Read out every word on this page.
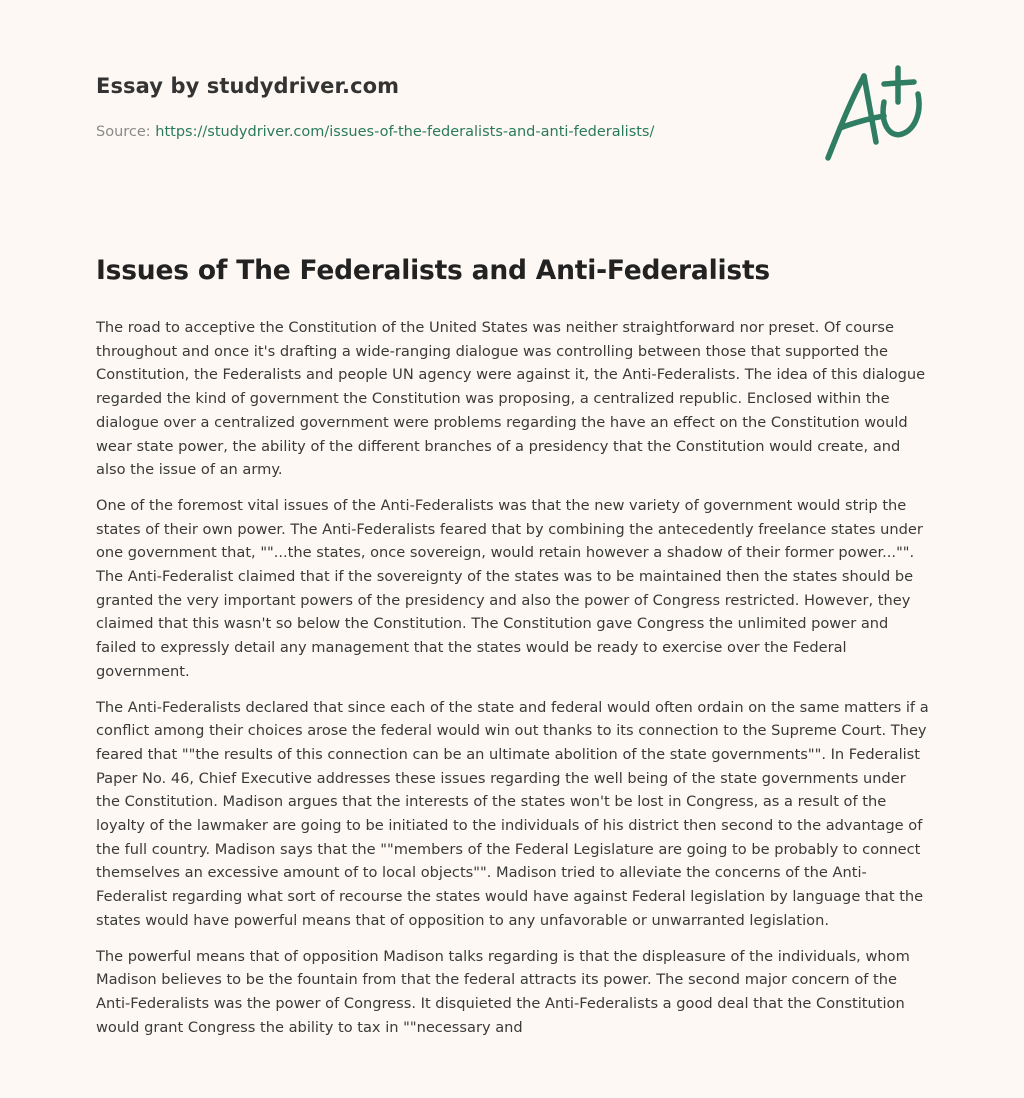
Essay by studydriver.com
Source: https://studydriver.com/issues-of-the-federalists-and-anti-federalists/
Issues of The Federalists and Anti-Federalists

The road to acceptive the Constitution of the United States was neither straightforward nor preset. Of course throughout and once it's drafting a wide-ranging dialogue was controlling between those that supported the Constitution, the Federalists and people UN agency were against it, the Anti-Federalists. The idea of this dialogue regarded the kind of government the Constitution was proposing, a centralized republic. Enclosed within the dialogue over a centralized government were problems regarding the have an effect on the Constitution would wear state power, the ability of the different branches of a presidency that the Constitution would create, and also the issue of an army.

One of the foremost vital issues of the Anti-Federalists was that the new variety of government would strip the states of their own power. The Anti-Federalists feared that by combining the antecedently freelance states under one government that, ""...the states, once sovereign, would retain however a shadow of their former power..."". The Anti-Federalist claimed that if the sovereignty of the states was to be maintained then the states should be granted the very important powers of the presidency and also the power of Congress restricted. However, they claimed that this wasn't so below the Constitution. The Constitution gave Congress the unlimited power and failed to expressly detail any management that the states would be ready to exercise over the Federal government.

The Anti-Federalists declared that since each of the state and federal would often ordain on the same matters if a conflict among their choices arose the federal would win out thanks to its connection to the Supreme Court. They feared that ""the results of this connection can be an ultimate abolition of the state governments"". In Federalist Paper No. 46, Chief Executive addresses these issues regarding the well being of the state governments under the Constitution. Madison argues that the interests of the states won't be lost in Congress, as a result of the loyalty of the lawmaker are going to be initiated to the individuals of his district then second to the advantage of the full country. Madison says that the ""members of the Federal Legislature are going to be probably to connect themselves an excessive amount of to local objects"". Madison tried to alleviate the concerns of the Anti-Federalist regarding what sort of recourse the states would have against Federal legislation by language that the states would have powerful means that of opposition to any unfavorable or unwarranted legislation.

The powerful means that of opposition Madison talks regarding is that the displeasure of the individuals, whom Madison believes to be the fountain from that the federal attracts its power. The second major concern of the Anti-Federalists was the power of Congress. It disquieted the Anti-Federalists a good deal that the Constitution would grant Congress the ability to tax in ""necessary and
